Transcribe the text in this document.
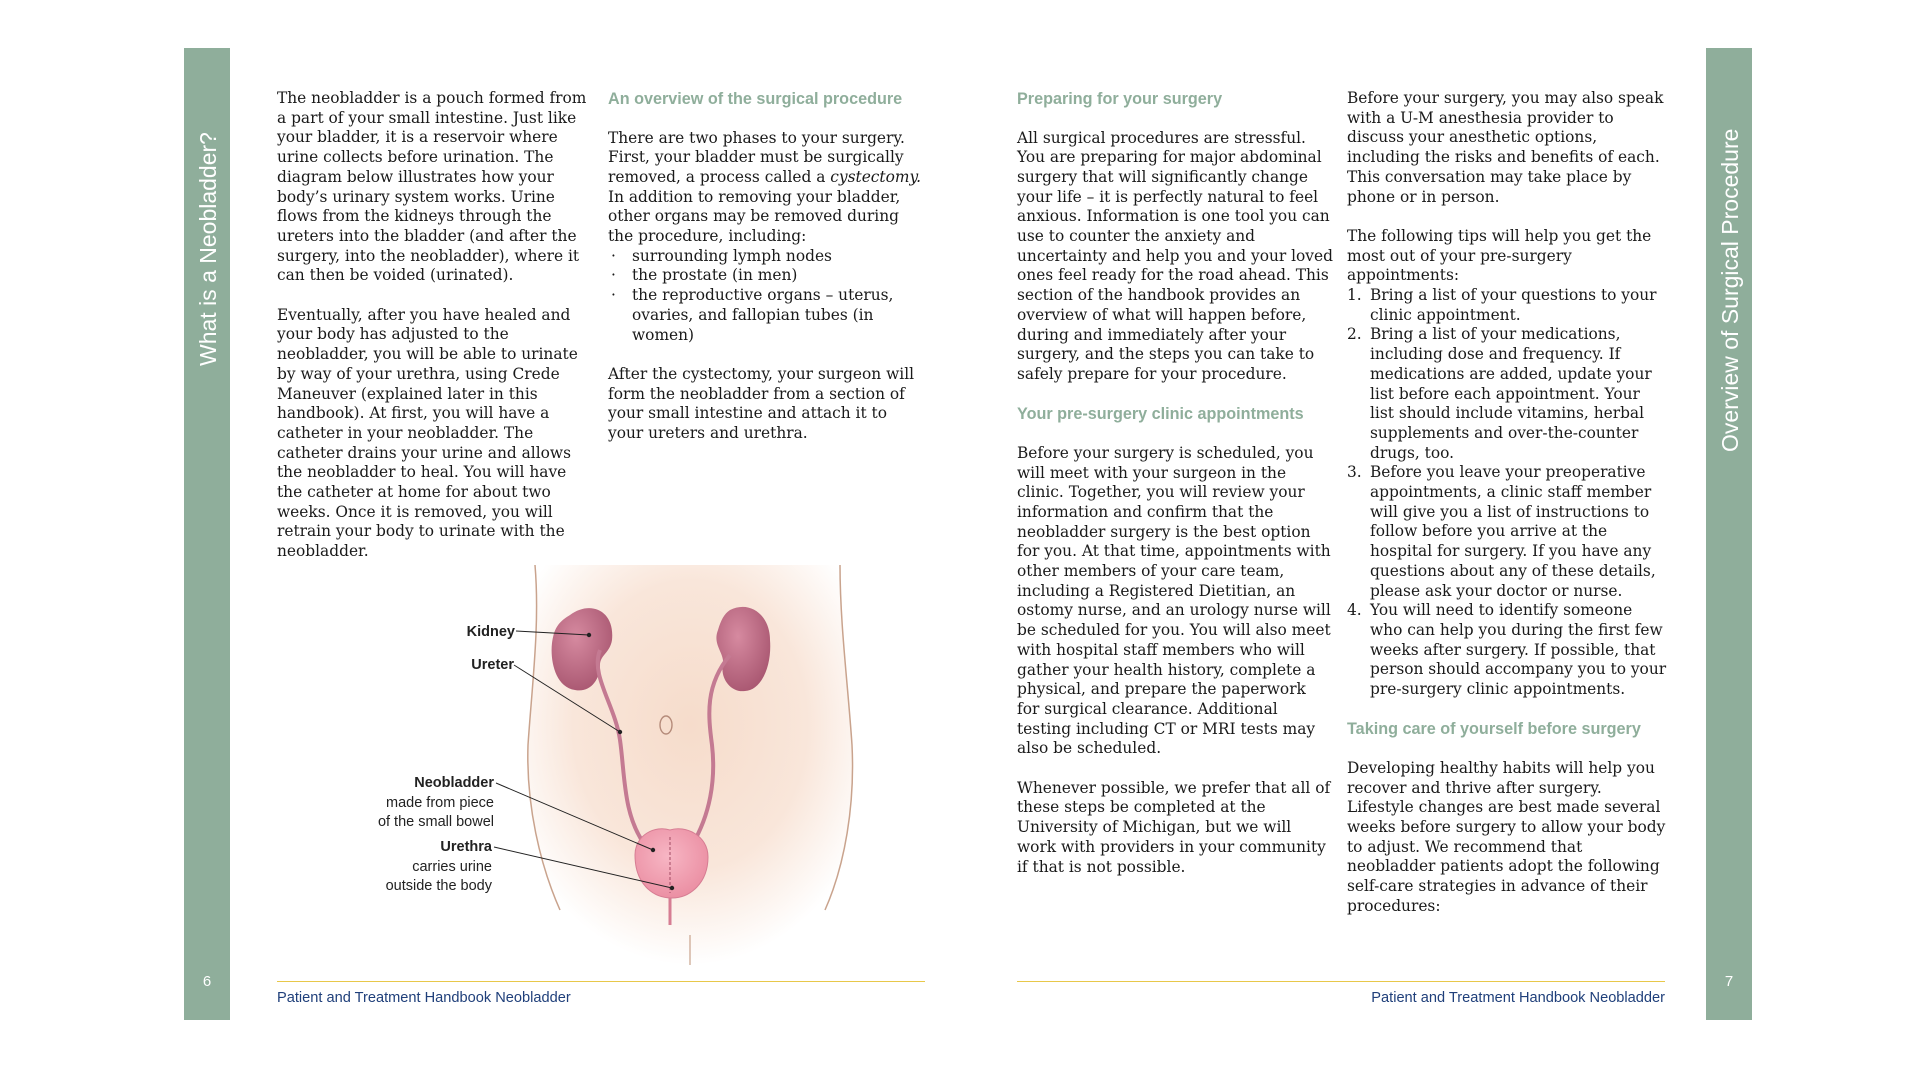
What is a Neobladder?
6

The neobladder is a pouch formed from a part of your small intestine. Just like your bladder, it is a reservoir where urine collects before urination. The diagram below illustrates how your body’s urinary system works. Urine flows from the kidneys through the ureters into the bladder (and after the surgery, into the neobladder), where it can then be voided (urinated).

Eventually, after you have healed and your body has adjusted to the neobladder, you will be able to urinate by way of your urethra, using Crede Maneuver (explained later in this handbook). At first, you will have a catheter in your neobladder. The catheter drains your urine and allows the neobladder to heal. You will have the catheter at home for about two weeks. Once it is removed, you will retrain your body to urinate with the neobladder.

An overview of the surgical procedure

There are two phases to your surgery. First, your bladder must be surgically removed, a process called a cystectomy. In addition to removing your bladder, other organs may be removed during the procedure, including:

· surrounding lymph nodes
· the prostate (in men)
· the reproductive organs – uterus, ovaries, and fallopian tubes (in women)

After the cystectomy, your surgeon will form the neobladder from a section of your small intestine and attach it to your ureters and urethra.

Kidney
Ureter
Neobladder
made from piece
of the small bowel
Urethra
carries urine
outside the body
Patient and Treatment Handbook Neobladder
Preparing for your surgery

All surgical procedures are stressful. You are preparing for major abdominal surgery that will significantly change your life – it is perfectly natural to feel anxious. Information is one tool you can use to counter the anxiety and uncertainty and help you and your loved ones feel ready for the road ahead. This section of the handbook provides an overview of what will happen before, during and immediately after your surgery, and the steps you can take to safely prepare for your procedure.

Your pre-surgery clinic appointments

Before your surgery is scheduled, you will meet with your surgeon in the clinic. Together, you will review your information and confirm that the neobladder surgery is the best option for you. At that time, appointments with other members of your care team, including a Registered Dietitian, an ostomy nurse, and an urology nurse will be scheduled for you. You will also meet with hospital staff members who will gather your health history, complete a physical, and prepare the paperwork for surgical clearance. Additional testing including CT or MRI tests may also be scheduled.

Whenever possible, we prefer that all of these steps be completed at the University of Michigan, but we will work with providers in your community if that is not possible.

Before your surgery, you may also speak with a U-M anesthesia provider to discuss your anesthetic options, including the risks and benefits of each. This conversation may take place by phone or in person.

The following tips will help you get the most out of your pre-surgery appointments:

1. Bring a list of your questions to your clinic appointment.
2. Bring a list of your medications, including dose and frequency. If medications are added, update your list before each appointment. Your list should include vitamins, herbal supplements and over-the-counter drugs, too.
3. Before you leave your preoperative appointments, a clinic staff member will give you a list of instructions to follow before you arrive at the hospital for surgery. If you have any questions about any of these details, please ask your doctor or nurse.
4. You will need to identify someone who can help you during the first few weeks after surgery. If possible, that person should accompany you to your pre-surgery clinic appointments.
Taking care of yourself before surgery

Developing healthy habits will help you recover and thrive after surgery. Lifestyle changes are best made several weeks before surgery to allow your body to adjust. We recommend that neobladder patients adopt the following self-care strategies in advance of their procedures:

Patient and Treatment Handbook Neobladder
Overview of Surgical Procedure
7
